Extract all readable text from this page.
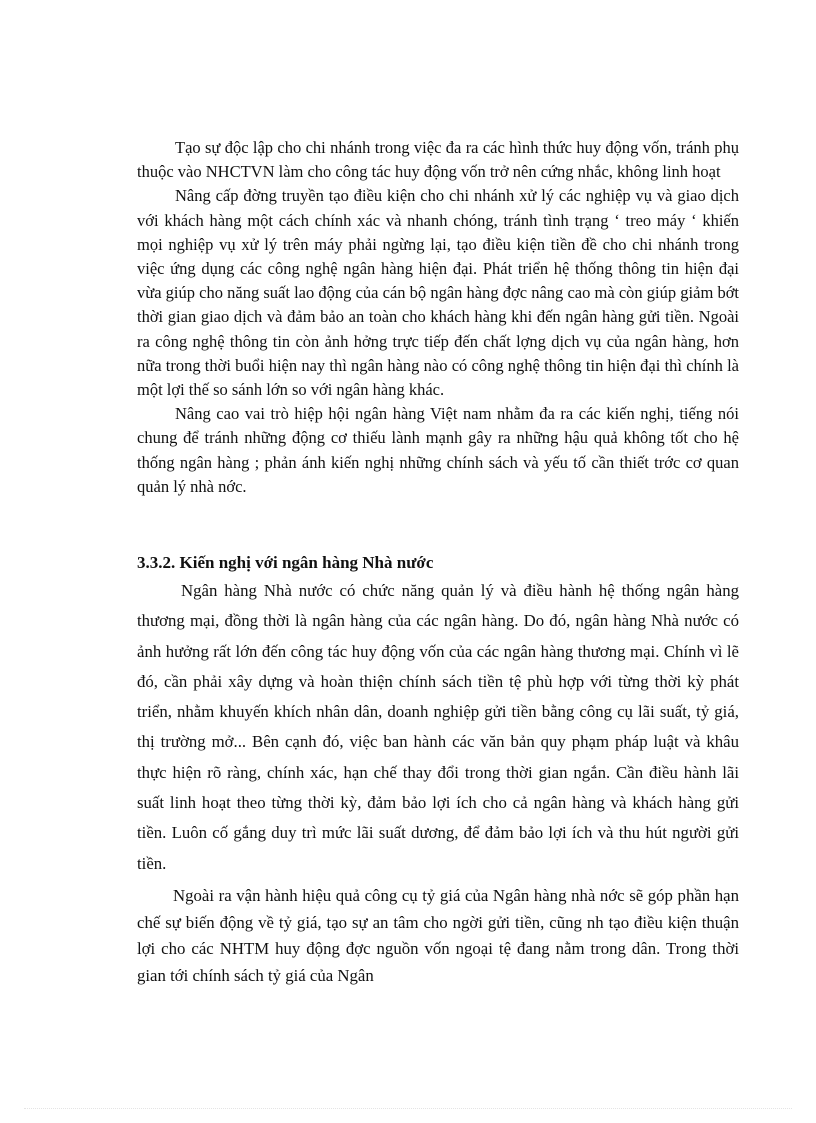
Tạo sự độc lập cho chi nhánh trong việc đa ra các hình thức huy động vốn, tránh phụ thuộc vào NHCTVN làm cho công tác huy động vốn trở nên cứng nhắc, không linh hoạt

Nâng cấp đờng truyền tạo điều kiện cho chi nhánh xử lý các nghiệp vụ và giao dịch với khách hàng một cách chính xác và nhanh chóng, tránh tình trạng ‘ treo máy ‘ khiến mọi nghiệp vụ xử lý trên máy phải ngừng lại, tạo điều kiện tiền đề cho chi nhánh trong việc ứng dụng các công nghệ ngân hàng hiện đại. Phát triển hệ thống thông tin hiện đại vừa giúp cho năng suất lao động của cán bộ ngân hàng đợc nâng cao mà còn giúp giảm bớt thời gian giao dịch và đảm bảo an toàn cho khách hàng khi đến ngân hàng gửi tiền. Ngoài ra công nghệ thông tin còn ảnh hởng trực tiếp đến chất lợng dịch vụ của ngân hàng, hơn nữa trong thời buổi hiện nay thì ngân hàng nào có công nghệ thông tin hiện đại thì chính là một lợi thế so sánh lớn so với ngân hàng khác.

Nâng cao vai trò hiệp hội ngân hàng Việt nam nhằm đa ra các kiến nghị, tiếng nói chung để tránh những động cơ thiếu lành mạnh gây ra những hậu quả không tốt cho hệ thống ngân hàng ; phản ánh kiến nghị những chính sách và yếu tố cần thiết trớc cơ quan quản lý nhà nớc.

3.3.2. Kiến nghị với ngân hàng Nhà nước

Ngân hàng Nhà nước có chức năng quản lý và điều hành hệ thống ngân hàng thương mại, đồng thời là ngân hàng của các ngân hàng. Do đó, ngân hàng Nhà nước có ảnh hưởng rất lớn đến công tác huy động vốn của các ngân hàng thương mại. Chính vì lẽ đó, cần phải xây dựng và hoàn thiện chính sách tiền tệ phù hợp với từng thời kỳ phát triển, nhằm khuyến khích nhân dân, doanh nghiệp gửi tiền bằng công cụ lãi suất, tỷ giá, thị trường mở... Bên cạnh đó, việc ban hành các văn bản quy phạm pháp luật và khâu thực hiện rõ ràng, chính xác, hạn chế thay đổi trong thời gian ngắn. Cần điều hành lãi suất linh hoạt theo từng thời kỳ, đảm bảo lợi ích cho cả ngân hàng và khách hàng gửi tiền. Luôn cố gắng duy trì mức lãi suất dương, để đảm bảo lợi ích và thu hút người gửi tiền.

Ngoài ra vận hành hiệu quả công cụ tỷ giá của Ngân hàng nhà nớc sẽ góp phần hạn chế sự biến động về tỷ giá, tạo sự an tâm cho ngời gửi tiền, cũng nh tạo điều kiện thuận lợi cho các NHTM huy động đợc nguồn vốn ngoại tệ đang nằm trong dân. Trong thời gian tới chính sách tỷ giá của Ngân
